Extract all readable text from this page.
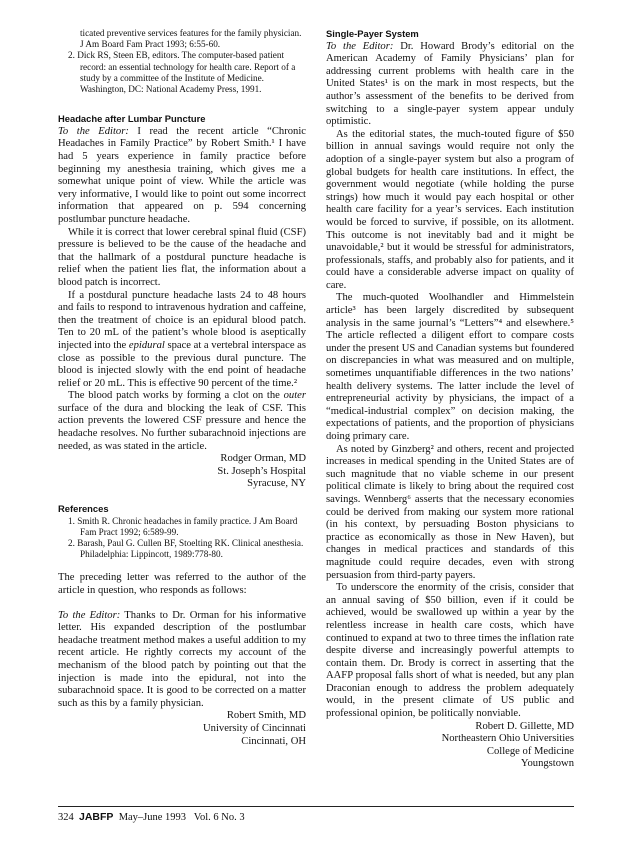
ticated preventive services features for the family physician. J Am Board Fam Pract 1993; 6:55-60.
2. Dick RS, Steen EB, editors. The computer-based patient record: an essential technology for health care. Report of a study by a committee of the Institute of Medicine. Washington, DC: National Academy Press, 1991.
Headache after Lumbar Puncture

To the Editor: I read the recent article “Chronic Headaches in Family Practice” by Robert Smith.¹ I have had 5 years experience in family practice before beginning my anesthesia training, which gives me a somewhat unique point of view. While the article was very informative, I would like to point out some incorrect information that appeared on p. 594 concerning postlumbar puncture headache.

While it is correct that lower cerebral spinal fluid (CSF) pressure is believed to be the cause of the headache and that the hallmark of a postdural puncture headache is relief when the patient lies flat, the information about a blood patch is incorrect.

If a postdural puncture headache lasts 24 to 48 hours and fails to respond to intravenous hydration and caffeine, then the treatment of choice is an epidural blood patch. Ten to 20 mL of the patient’s whole blood is aseptically injected into the epidural space at a vertebral interspace as close as possible to the previous dural puncture. The blood is injected slowly with the end point of headache relief or 20 mL. This is effective 90 percent of the time.²

The blood patch works by forming a clot on the outer surface of the dura and blocking the leak of CSF. This action prevents the lowered CSF pressure and hence the headache resolves. No further subarachnoid injections are needed, as was stated in the article.

Rodger Orman, MD
St. Joseph’s Hospital
Syracuse, NY
References
1. Smith R. Chronic headaches in family practice. J Am Board Fam Pract 1992; 6:589-99.
2. Barash, Paul G. Cullen BF, Stoelting RK. Clinical anesthesia. Philadelphia: Lippincott, 1989:778-80.

The preceding letter was referred to the author of the article in question, who responds as follows:

To the Editor: Thanks to Dr. Orman for his informative letter. His expanded description of the postlumbar headache treatment method makes a useful addition to my recent article. He rightly corrects my account of the mechanism of the blood patch by pointing out that the injection is made into the epidural, not into the subarachnoid space. It is good to be corrected on a matter such as this by a family physician.

Robert Smith, MD
University of Cincinnati
Cincinnati, OH
Single-Payer System

To the Editor: Dr. Howard Brody’s editorial on the American Academy of Family Physicians’ plan for addressing current problems with health care in the United States¹ is on the mark in most respects, but the author’s assessment of the benefits to be derived from switching to a single-payer system appear unduly optimistic.

As the editorial states, the much-touted figure of $50 billion in annual savings would require not only the adoption of a single-payer system but also a program of global budgets for health care institutions. In effect, the government would negotiate (while holding the purse strings) how much it would pay each hospital or other health care facility for a year’s services. Each institution would be forced to survive, if possible, on its allotment. This outcome is not inevitably bad and it might be unavoidable,² but it would be stressful for administrators, professionals, staffs, and probably also for patients, and it could have a considerable adverse impact on quality of care.

The much-quoted Woolhandler and Himmelstein article³ has been largely discredited by subsequent analysis in the same journal’s “Letters”⁴ and elsewhere.⁵ The article reflected a diligent effort to compare costs under the present US and Canadian systems but foundered on discrepancies in what was measured and on multiple, sometimes unquantifiable differences in the two nations’ health delivery systems. The latter include the level of entrepreneurial activity by physicians, the impact of a “medical-industrial complex” on decision making, the expectations of patients, and the proportion of physicians doing primary care.

As noted by Ginzberg² and others, recent and projected increases in medical spending in the United States are of such magnitude that no viable scheme in our present political climate is likely to bring about the required cost savings. Wennberg⁶ asserts that the necessary economies could be derived from making our system more rational (in his context, by persuading Boston physicians to practice as economically as those in New Haven), but changes in medical practices and standards of this magnitude could require decades, even with strong persuasion from third-party payers.

To underscore the enormity of the crisis, consider that an annual saving of $50 billion, even if it could be achieved, would be swallowed up within a year by the relentless increase in health care costs, which have continued to expand at two to three times the inflation rate despite diverse and increasingly powerful attempts to contain them. Dr. Brody is correct in asserting that the AAFP proposal falls short of what is needed, but any plan Draconian enough to address the problem adequately would, in the present climate of US public and professional opinion, be politically nonviable.

Robert D. Gillette, MD
Northeastern Ohio Universities
College of Medicine
Youngstown
324 JABFP May–June 1993   Vol. 6 No. 3
